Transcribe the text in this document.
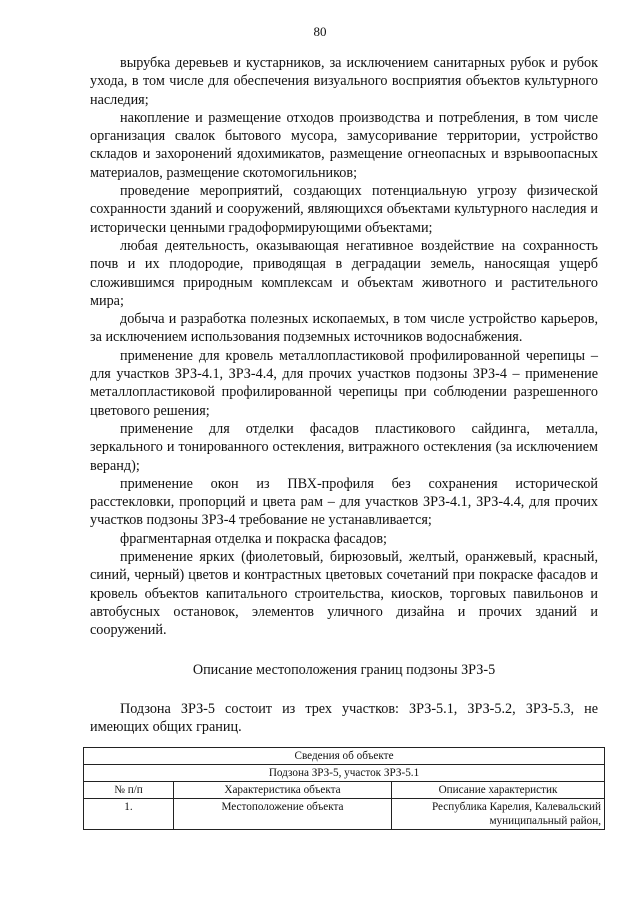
80

вырубка деревьев и кустарников, за исключением санитарных рубок и рубок ухода, в том числе для обеспечения визуального восприятия объектов культурного наследия;

накопление и размещение отходов производства и потребления, в том числе организация свалок бытового мусора, замусоривание территории, устройство складов и захоронений ядохимикатов, размещение огнеопасных и взрывоопасных материалов, размещение скотомогильников;

проведение мероприятий, создающих потенциальную угрозу физической сохранности зданий и сооружений, являющихся объектами культурного наследия и исторически ценными градоформирующими объектами;

любая деятельность, оказывающая негативное воздействие на сохранность почв и их плодородие, приводящая в деградации земель, наносящая ущерб сложившимся природным комплексам и объектам животного и растительного мира;

добыча и разработка полезных ископаемых, в том числе устройство карьеров, за исключением использования подземных источников водоснабжения.

применение для кровель металлопластиковой профилированной черепицы – для участков ЗРЗ-4.1, ЗРЗ-4.4, для прочих участков подзоны ЗРЗ-4 – применение металлопластиковой профилированной черепицы при соблюдении разрешенного цветового решения;

применение для отделки фасадов пластикового сайдинга, металла, зеркального и тонированного остекления, витражного остекления (за исключением веранд);

применение окон из ПВХ-профиля без сохранения исторической расстекловки, пропорций и цвета рам – для участков ЗРЗ-4.1, ЗРЗ-4.4, для прочих участков подзоны ЗРЗ-4 требование не устанавливается;

фрагментарная отделка и покраска фасадов;

применение ярких (фиолетовый, бирюзовый, желтый, оранжевый, красный, синий, черный) цветов и контрастных цветовых сочетаний при покраске фасадов и кровель объектов капитального строительства, киосков, торговых павильонов и автобусных остановок, элементов уличного дизайна и прочих зданий и сооружений.

Описание местоположения границ подзоны ЗРЗ-5

Подзона ЗРЗ-5 состоит из трех участков: ЗРЗ-5.1, ЗРЗ-5.2, ЗРЗ-5.3, не имеющих общих границ.

Сведения об объекте		
Подзона ЗРЗ-5, участок ЗРЗ-5.1		
№ п/п	Характеристика объекта	Описание характеристик
1.	Местоположение объекта	Республика Карелия, Калевальский муниципальный район,
